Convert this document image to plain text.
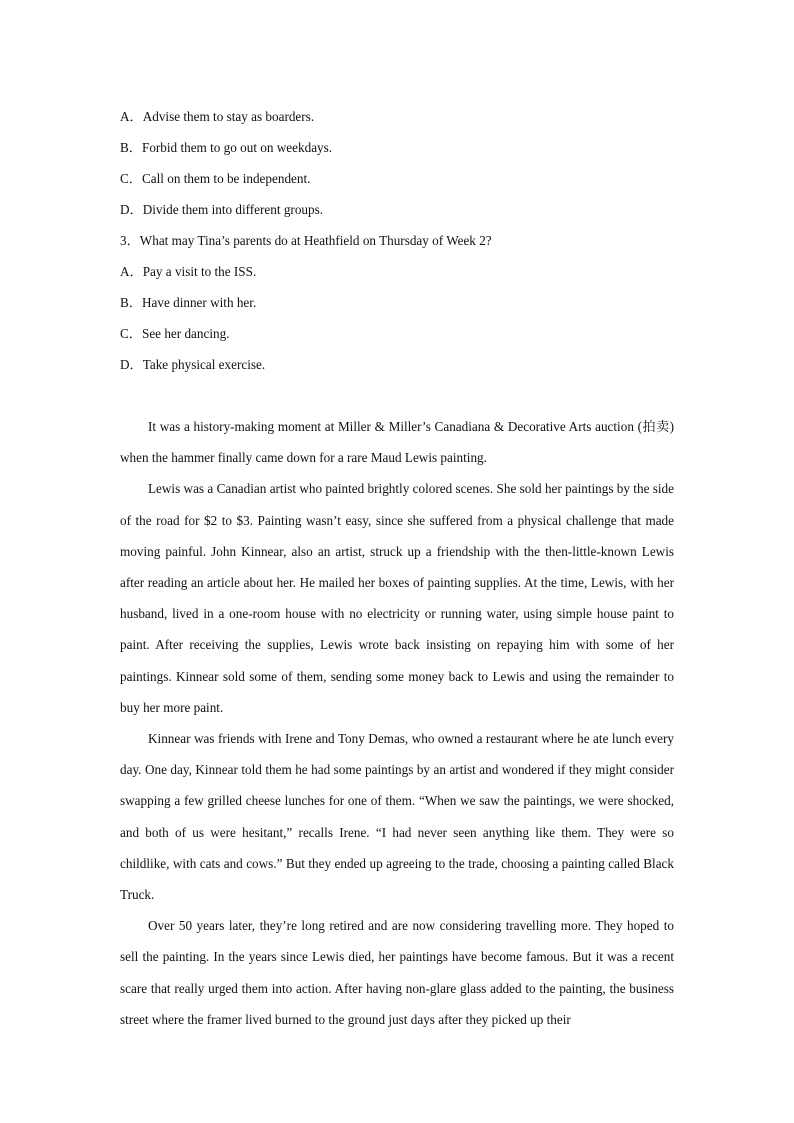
A．Advise them to stay as boarders.
B．Forbid them to go out on weekdays.
C．Call on them to be independent.
D．Divide them into different groups.
3．What may Tina’s parents do at Heathfield on Thursday of Week 2?
A．Pay a visit to the ISS.
B．Have dinner with her.
C．See her dancing.
D．Take physical exercise.

It was a history-making moment at Miller & Miller’s Canadiana & Decorative Arts auction (拍卖) when the hammer finally came down for a rare Maud Lewis painting.

Lewis was a Canadian artist who painted brightly colored scenes. She sold her paintings by the side of the road for $2 to $3. Painting wasn’t easy, since she suffered from a physical challenge that made moving painful. John Kinnear, also an artist, struck up a friendship with the then-little-known Lewis after reading an article about her. He mailed her boxes of painting supplies. At the time, Lewis, with her husband, lived in a one-room house with no electricity or running water, using simple house paint to paint. After receiving the supplies, Lewis wrote back insisting on repaying him with some of her paintings. Kinnear sold some of them, sending some money back to Lewis and using the remainder to buy her more paint.

Kinnear was friends with Irene and Tony Demas, who owned a restaurant where he ate lunch every day. One day, Kinnear told them he had some paintings by an artist and wondered if they might consider swapping a few grilled cheese lunches for one of them. “When we saw the paintings, we were shocked, and both of us were hesitant,” recalls Irene. “I had never seen anything like them. They were so childlike, with cats and cows.” But they ended up agreeing to the trade, choosing a painting called Black Truck.

Over 50 years later, they’re long retired and are now considering travelling more. They hoped to sell the painting. In the years since Lewis died, her paintings have become famous. But it was a recent scare that really urged them into action. After having non-glare glass added to the painting, the business street where the framer lived burned to the ground just days after they picked up their
